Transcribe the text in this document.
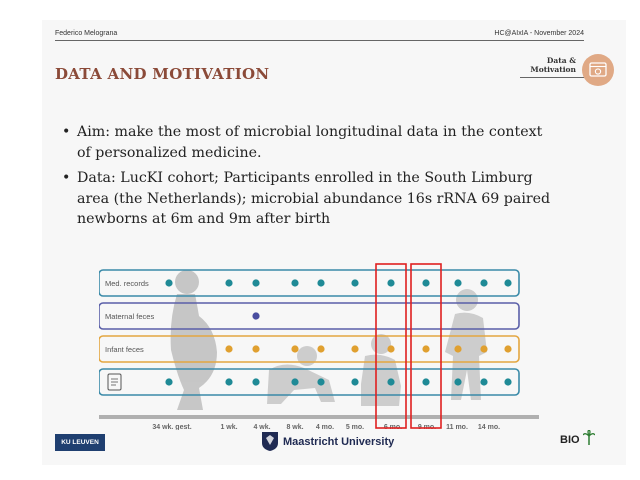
Federico Melograna	HC@AIxIA - November 2024
DATA AND MOTIVATION
Data &
Motivation
• Aim: make the most of microbial longitudinal data in the context of personalized medicine.
• Data: LucKI cohort; Participants enrolled in the South Limburg area (the Netherlands); microbial abundance 16s rRNA 69 paired newborns at 6m and 9m after birth
Med. records
Maternal feces
Infant feces
34 wk. gest.	1 wk. 4 wk. 8 wk. 4 mo. 5 mo.	6 mo. 9 mo. 11 mo. 14 mo.
KU LEUVEN	Maastricht University	BIO
